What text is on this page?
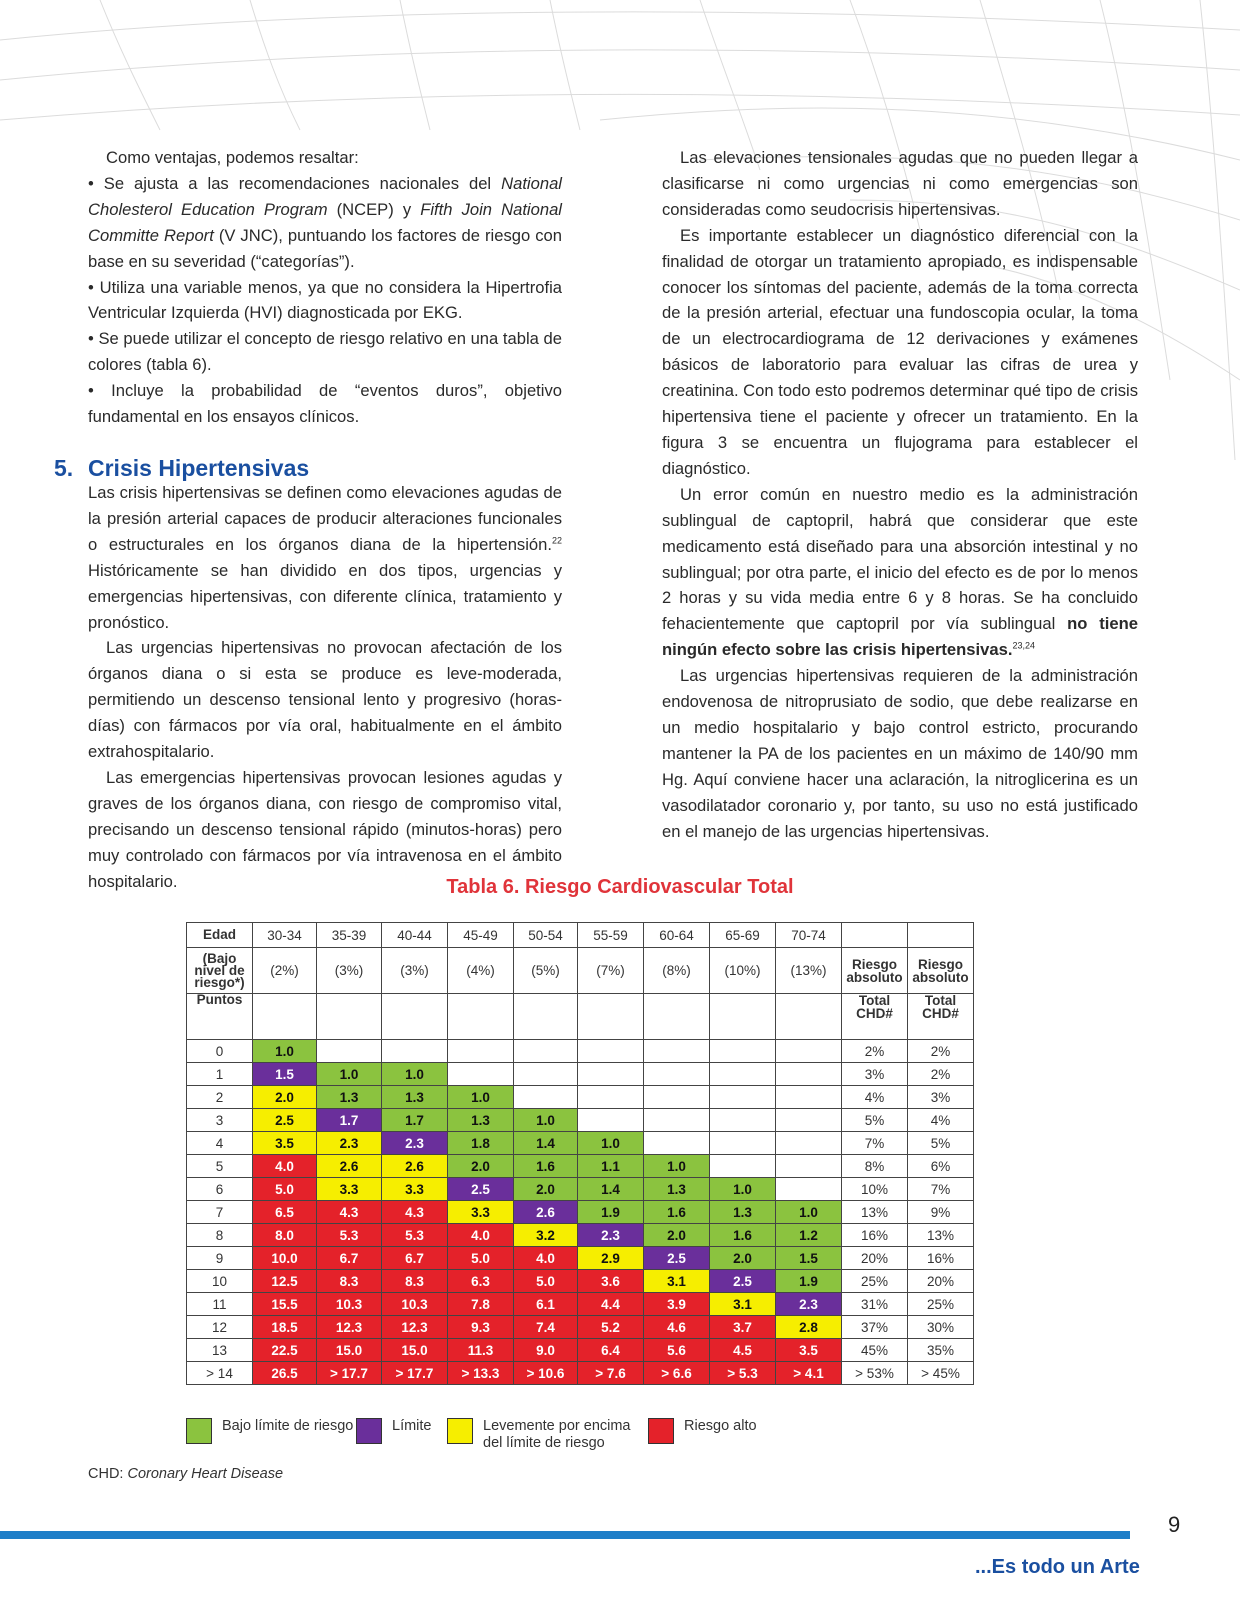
Como ventajas, podemos resaltar:

• Se ajusta a las recomendaciones nacionales del National Cholesterol Education Program (NCEP) y Fifth Join National Committe Report (V JNC), puntuando los factores de riesgo con base en su severidad (“categorías”).

• Utiliza una variable menos, ya que no considera la Hipertrofia Ventricular Izquierda (HVI) diagnosticada por EKG.

• Se puede utilizar el concepto de riesgo relativo en una tabla de colores (tabla 6).

• Incluye la probabilidad de “eventos duros”, objetivo fundamental en los ensayos clínicos.

Las crisis hipertensivas se definen como elevaciones agudas de la presión arterial capaces de producir alteraciones funcionales o estructurales en los órganos diana de la hipertensión.$^{22}$ Históricamente se han dividido en dos tipos, urgencias y emergencias hipertensivas, con diferente clínica, tratamiento y pronóstico.

Las urgencias hipertensivas no provocan afectación de los órganos diana o si esta se produce es leve-moderada, permitiendo un descenso tensional lento y progresivo (horas-días) con fármacos por vía oral, habitualmente en el ámbito extrahospitalario.

Las emergencias hipertensivas provocan lesiones agudas y graves de los órganos diana, con riesgo de compromiso vital, precisando un descenso tensional rápido (minutos-horas) pero muy controlado con fármacos por vía intravenosa en el ámbito hospitalario.

5. Crisis Hipertensivas

Las elevaciones tensionales agudas que no pueden llegar a clasificarse ni como urgencias ni como emergencias son consideradas como seudocrisis hipertensivas.

Es importante establecer un diagnóstico diferencial con la finalidad de otorgar un tratamiento apropiado, es indispensable conocer los síntomas del paciente, además de la toma correcta de la presión arterial, efectuar una fundoscopia ocular, la toma de un electrocardiograma de 12 derivaciones y exámenes básicos de laboratorio para evaluar las cifras de urea y creatinina. Con todo esto podremos determinar qué tipo de crisis hipertensiva tiene el paciente y ofrecer un tratamiento. En la figura 3 se encuentra un flujograma para establecer el diagnóstico.

Un error común en nuestro medio es la administración sublingual de captopril, habrá que considerar que este medicamento está diseñado para una absorción intestinal y no sublingual; por otra parte, el inicio del efecto es de por lo menos 2 horas y su vida media entre 6 y 8 horas. Se ha concluido fehacientemente que captopril por vía sublingual no tiene ningún efecto sobre las crisis hipertensivas.$^{23,24}$

Las urgencias hipertensivas requieren de la administración endovenosa de nitroprusiato de sodio, que debe realizarse en un medio hospitalario y bajo control estricto, procurando mantener la PA de los pacientes en un máximo de 140/90 mm Hg. Aquí conviene hacer una aclaración, la nitroglicerina es un vasodilatador coronario y, por tanto, su uso no está justificado en el manejo de las urgencias hipertensivas.

Tabla 6. Riesgo Cardiovascular Total
Edad	30-34	35-39	40-44	45-49	50-54	55-59	60-64	65-69	70-74		
(Bajo nivel de riesgo*)	(2%)	(3%)	(3%)	(4%)	(5%)	(7%)	(8%)	(10%)	(13%)	Riesgo absoluto	Riesgo absoluto
Puntos										Total CHD#	Total CHD#
0	1.0									2%	2%
1	1.5	1.0	1.0							3%	2%
2	2.0	1.3	1.3	1.0						4%	3%
3	2.5	1.7	1.7	1.3	1.0					5%	4%
4	3.5	2.3	2.3	1.8	1.4	1.0				7%	5%
5	4.0	2.6	2.6	2.0	1.6	1.1	1.0			8%	6%
6	5.0	3.3	3.3	2.5	2.0	1.4	1.3	1.0		10%	7%
7	6.5	4.3	4.3	3.3	2.6	1.9	1.6	1.3	1.0	13%	9%
8	8.0	5.3	5.3	4.0	3.2	2.3	2.0	1.6	1.2	16%	13%
9	10.0	6.7	6.7	5.0	4.0	2.9	2.5	2.0	1.5	20%	16%
10	12.5	8.3	8.3	6.3	5.0	3.6	3.1	2.5	1.9	25%	20%
11	15.5	10.3	10.3	7.8	6.1	4.4	3.9	3.1	2.3	31%	25%
12	18.5	12.3	12.3	9.3	7.4	5.2	4.6	3.7	2.8	37%	30%
13	22.5	15.0	15.0	11.3	9.0	6.4	5.6	4.5	3.5	45%	35%
> 14	26.5	> 17.7	> 17.7	> 13.3	> 10.6	> 7.6	> 6.6	> 5.3	> 4.1	> 53%	> 45%
Bajo límite de riesgo	Límite	Levemente por encima
del límite de riesgo
Riesgo alto
CHD: Coronary Heart Disease
9
...Es todo un Arte
